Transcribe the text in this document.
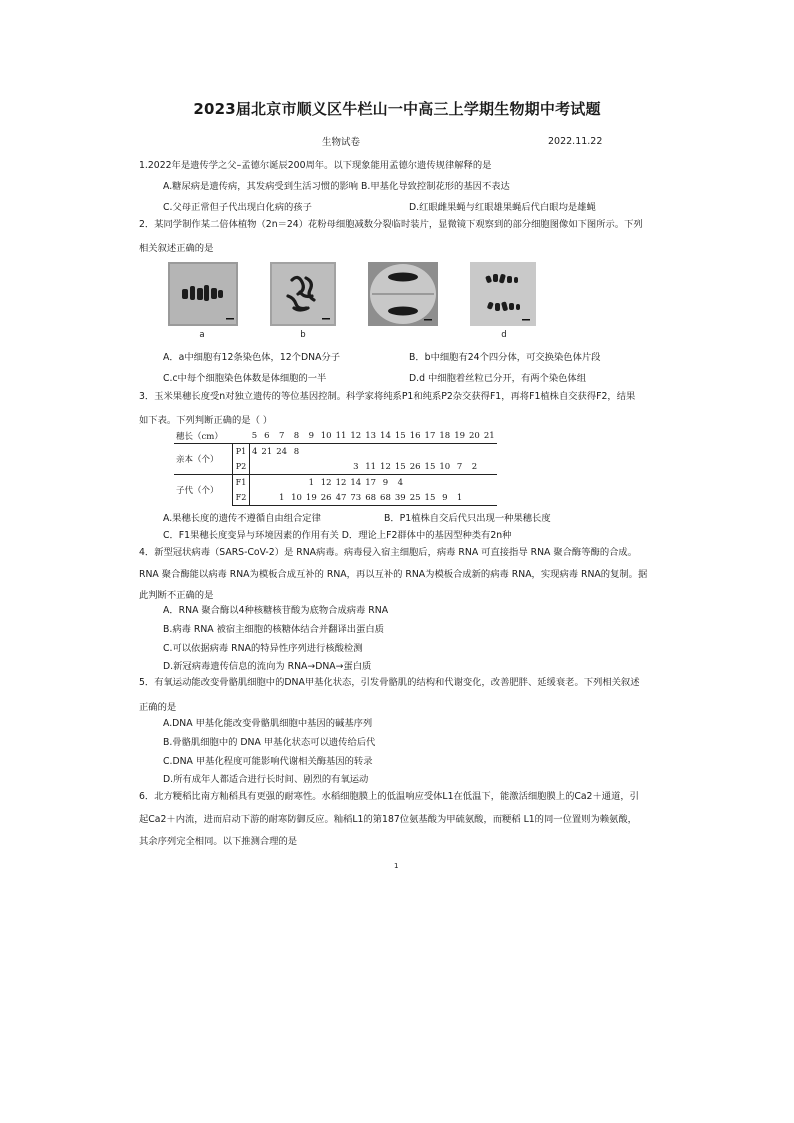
2023届北京市顺义区牛栏山一中高三上学期生物期中考试题
生物试卷	2022.11.22
1.2022年是遗传学之父–孟德尔诞辰200周年。以下现象能用孟德尔遗传规律解释的是
A.糖尿病是遗传病，其发病受到生活习惯的影响 B.甲基化导致控制花形的基因不表达
C.父母正常但子代出现白化病的孩子	D.红眼雌果蝇与红眼雄果蝇后代白眼均是雄蝇
2．某同学制作某二倍体植物（2n＝24）花粉母细胞减数分裂临时装片，显微镜下观察到的部分细胞图像如下图所示。下列
相关叙述正确的是
a	b	d
A．a中细胞有12条染色体，12个DNA分子	B．b中细胞有24个四分体，可交换染色体片段
C.c中每个细胞染色体数是体细胞的一半	D.d 中细胞着丝粒已分开，有两个染色体组
3．玉米果穗长度受n对独立遗传的等位基因控制。科学家将纯系P1和纯系P2杂交获得F1，再将F1植株自交获得F2，结果
如下表。下列判断正确的是（ ）
穗长（cm）		5	6	7	8	9	10	11	12	13	14	15	16	17	18	19	20	21
亲本（个）	P1	4	21	24	8													
	P2								3	11	12	15	26	15	10	7	2	
子代（个）	F1					1	12	12	14	17	9	4						
	F2			1	10	19	26	47	73	68	68	39	25	15	9	1		
A.果穗长度的遗传不遵循自由组合定律	B．P1植株自交后代只出现一种果穗长度
C．F1果穗长度变异与环境因素的作用有关 D．理论上F2群体中的基因型种类有2n种
4．新型冠状病毒（SARS-CoV-2）是 RNA病毒。病毒侵入宿主细胞后，病毒 RNA 可直接指导 RNA 聚合酶等酶的合成。
RNA 聚合酶能以病毒 RNA为模板合成互补的 RNA，再以互补的 RNA为模板合成新的病毒 RNA，实现病毒 RNA的复制。据
此判断不正确的是
A．RNA 聚合酶以4种核糖核苷酸为底物合成病毒 RNA
B.病毒 RNA 被宿主细胞的核糖体结合并翻译出蛋白质
C.可以依据病毒 RNA的特异性序列进行核酸检测
D.新冠病毒遗传信息的流向为 RNA→DNA→蛋白质
5．有氧运动能改变骨骼肌细胞中的DNA甲基化状态，引发骨骼肌的结构和代谢变化，改善肥胖、延缓衰老。下列相关叙述
正确的是
A.DNA 甲基化能改变骨骼肌细胞中基因的碱基序列
B.骨骼肌细胞中的 DNA 甲基化状态可以遗传给后代
C.DNA 甲基化程度可能影响代谢相关酶基因的转录
D.所有成年人都适合进行长时间、剧烈的有氧运动
6．北方粳稻比南方籼稻具有更强的耐寒性。水稻细胞膜上的低温响应受体L1在低温下，能激活细胞膜上的Ca2＋通道，引
起Ca2＋内流，进而启动下游的耐寒防御反应。籼稻L1的第187位氨基酸为甲硫氨酸，而粳稻 L1的同一位置则为赖氨酸，
其余序列完全相同。以下推测合理的是
1
